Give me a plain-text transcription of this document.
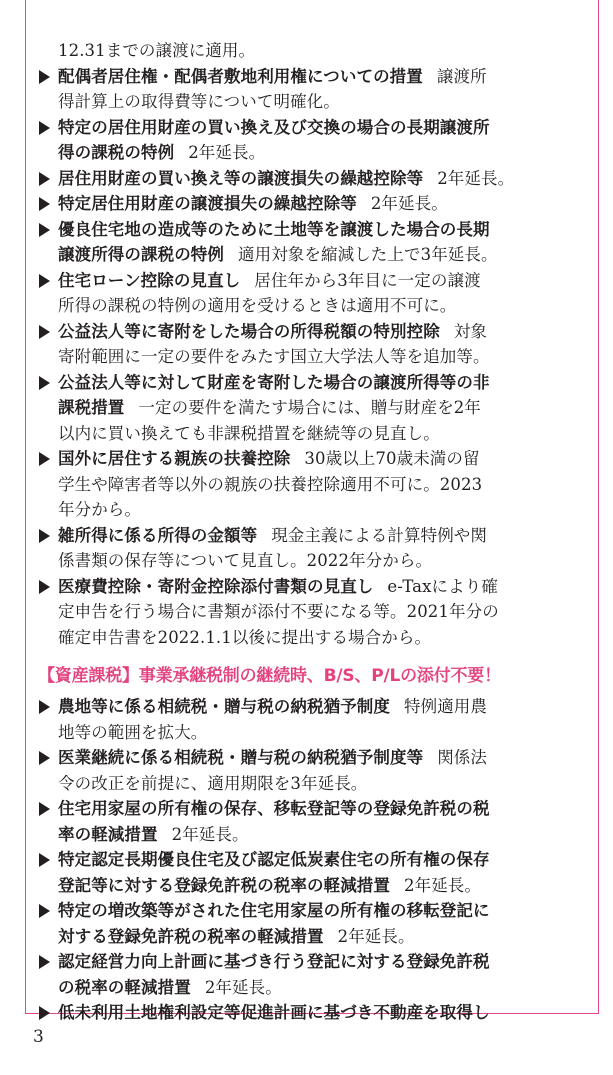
12.31までの譲渡に適用。
配偶者居住権・配偶者敷地利用権についての措置 譲渡所
得計算上の取得費等について明確化。
特定の居住用財産の買い換え及び交換の場合の長期譲渡所
得の課税の特例 2年延長。
居住用財産の買い換え等の譲渡損失の繰越控除等 2年延長。
特定居住用財産の譲渡損失の繰越控除等 2年延長。
優良住宅地の造成等のために土地等を譲渡した場合の長期
譲渡所得の課税の特例 適用対象を縮減した上で3年延長。
住宅ローン控除の見直し 居住年から3年目に一定の譲渡
所得の課税の特例の適用を受けるときは適用不可に。
公益法人等に寄附をした場合の所得税額の特別控除 対象
寄附範囲に一定の要件をみたす国立大学法人等を追加等。
公益法人等に対して財産を寄附した場合の譲渡所得等の非
課税措置 一定の要件を満たす場合には、贈与財産を2年
以内に買い換えても非課税措置を継続等の見直し。
国外に居住する親族の扶養控除 30歳以上70歳未満の留
学生や障害者等以外の親族の扶養控除適用不可に。2023
年分から。
雑所得に係る所得の金額等 現金主義による計算特例や関
係書類の保存等について見直し。2022年分から。
医療費控除・寄附金控除添付書類の見直し e-Taxにより確
定申告を行う場合に書類が添付不要になる等。2021年分の
確定申告書を2022.1.1以後に提出する場合から。
【資産課税】事業承継税制の継続時、B/S、P/Lの添付不要！
農地等に係る相続税・贈与税の納税猶予制度 特例適用農
地等の範囲を拡大。
医業継続に係る相続税・贈与税の納税猶予制度等 関係法
令の改正を前提に、適用期限を3年延長。
住宅用家屋の所有権の保存、移転登記等の登録免許税の税
率の軽減措置 2年延長。
特定認定長期優良住宅及び認定低炭素住宅の所有権の保存
登記等に対する登録免許税の税率の軽減措置 2年延長。
特定の増改築等がされた住宅用家屋の所有権の移転登記に
対する登録免許税の税率の軽減措置 2年延長。
認定経営力向上計画に基づき行う登記に対する登録免許税
の税率の軽減措置 2年延長。
低未利用土地権利設定等促進計画に基づき不動産を取得し
3
